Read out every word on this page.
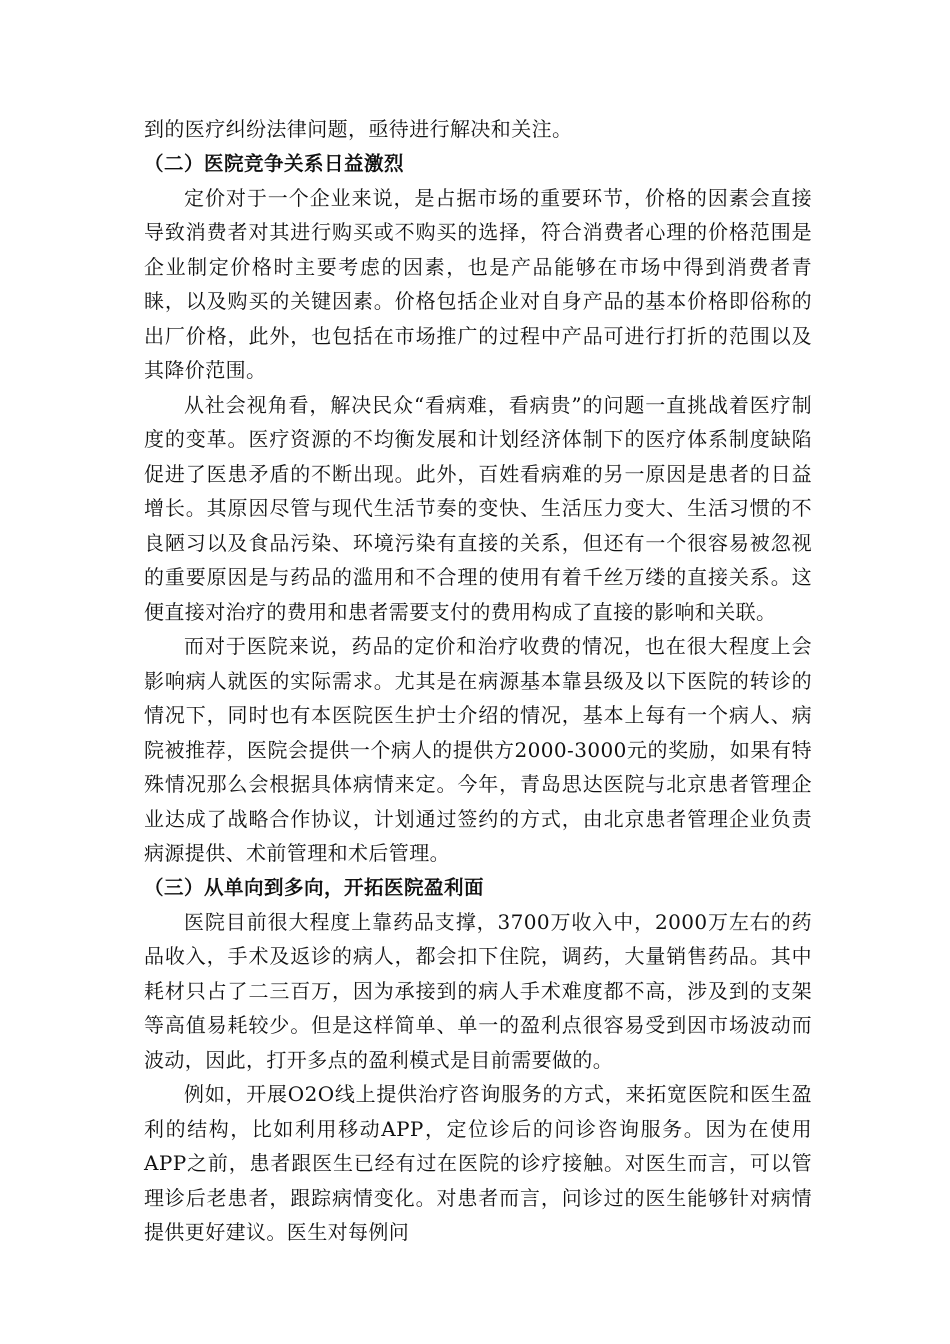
到的医疗纠纷法律问题，亟待进行解决和关注。

（二）医院竞争关系日益激烈

定价对于一个企业来说，是占据市场的重要环节，价格的因素会直接导致消费者对其进行购买或不购买的选择，符合消费者心理的价格范围是企业制定价格时主要考虑的因素，也是产品能够在市场中得到消费者青睐，以及购买的关键因素。价格包括企业对自身产品的基本价格即俗称的出厂价格，此外，也包括在市场推广的过程中产品可进行打折的范围以及其降价范围。

从社会视角看，解决民众“看病难，看病贵”的问题一直挑战着医疗制度的变革。医疗资源的不均衡发展和计划经济体制下的医疗体系制度缺陷促进了医患矛盾的不断出现。此外，百姓看病难的另一原因是患者的日益增长。其原因尽管与现代生活节奏的变快、生活压力变大、生活习惯的不良陋习以及食品污染、环境污染有直接的关系，但还有一个很容易被忽视的重要原因是与药品的滥用和不合理的使用有着千丝万缕的直接关系。这便直接对治疗的费用和患者需要支付的费用构成了直接的影响和关联。

而对于医院来说，药品的定价和治疗收费的情况，也在很大程度上会影响病人就医的实际需求。尤其是在病源基本靠县级及以下医院的转诊的情况下，同时也有本医院医生护士介绍的情况，基本上每有一个病人、病院被推荐，医院会提供一个病人的提供方2000-3000元的奖励，如果有特殊情况那么会根据具体病情来定。今年，青岛思达医院与北京患者管理企业达成了战略合作协议，计划通过签约的方式，由北京患者管理企业负责病源提供、术前管理和术后管理。

（三）从单向到多向，开拓医院盈利面

医院目前很大程度上靠药品支撑，3700万收入中，2000万左右的药品收入，手术及返诊的病人，都会扣下住院，调药，大量销售药品。其中耗材只占了二三百万，因为承接到的病人手术难度都不高，涉及到的支架等高值易耗较少。但是这样简单、单一的盈利点很容易受到因市场波动而波动，因此，打开多点的盈利模式是目前需要做的。

例如，开展O2O线上提供治疗咨询服务的方式，来拓宽医院和医生盈利的结构，比如利用移动APP，定位诊后的问诊咨询服务。因为在使用APP之前，患者跟医生已经有过在医院的诊疗接触。对医生而言，可以管理诊后老患者，跟踪病情变化。对患者而言，问诊过的医生能够针对病情提供更好建议。医生对每例问
